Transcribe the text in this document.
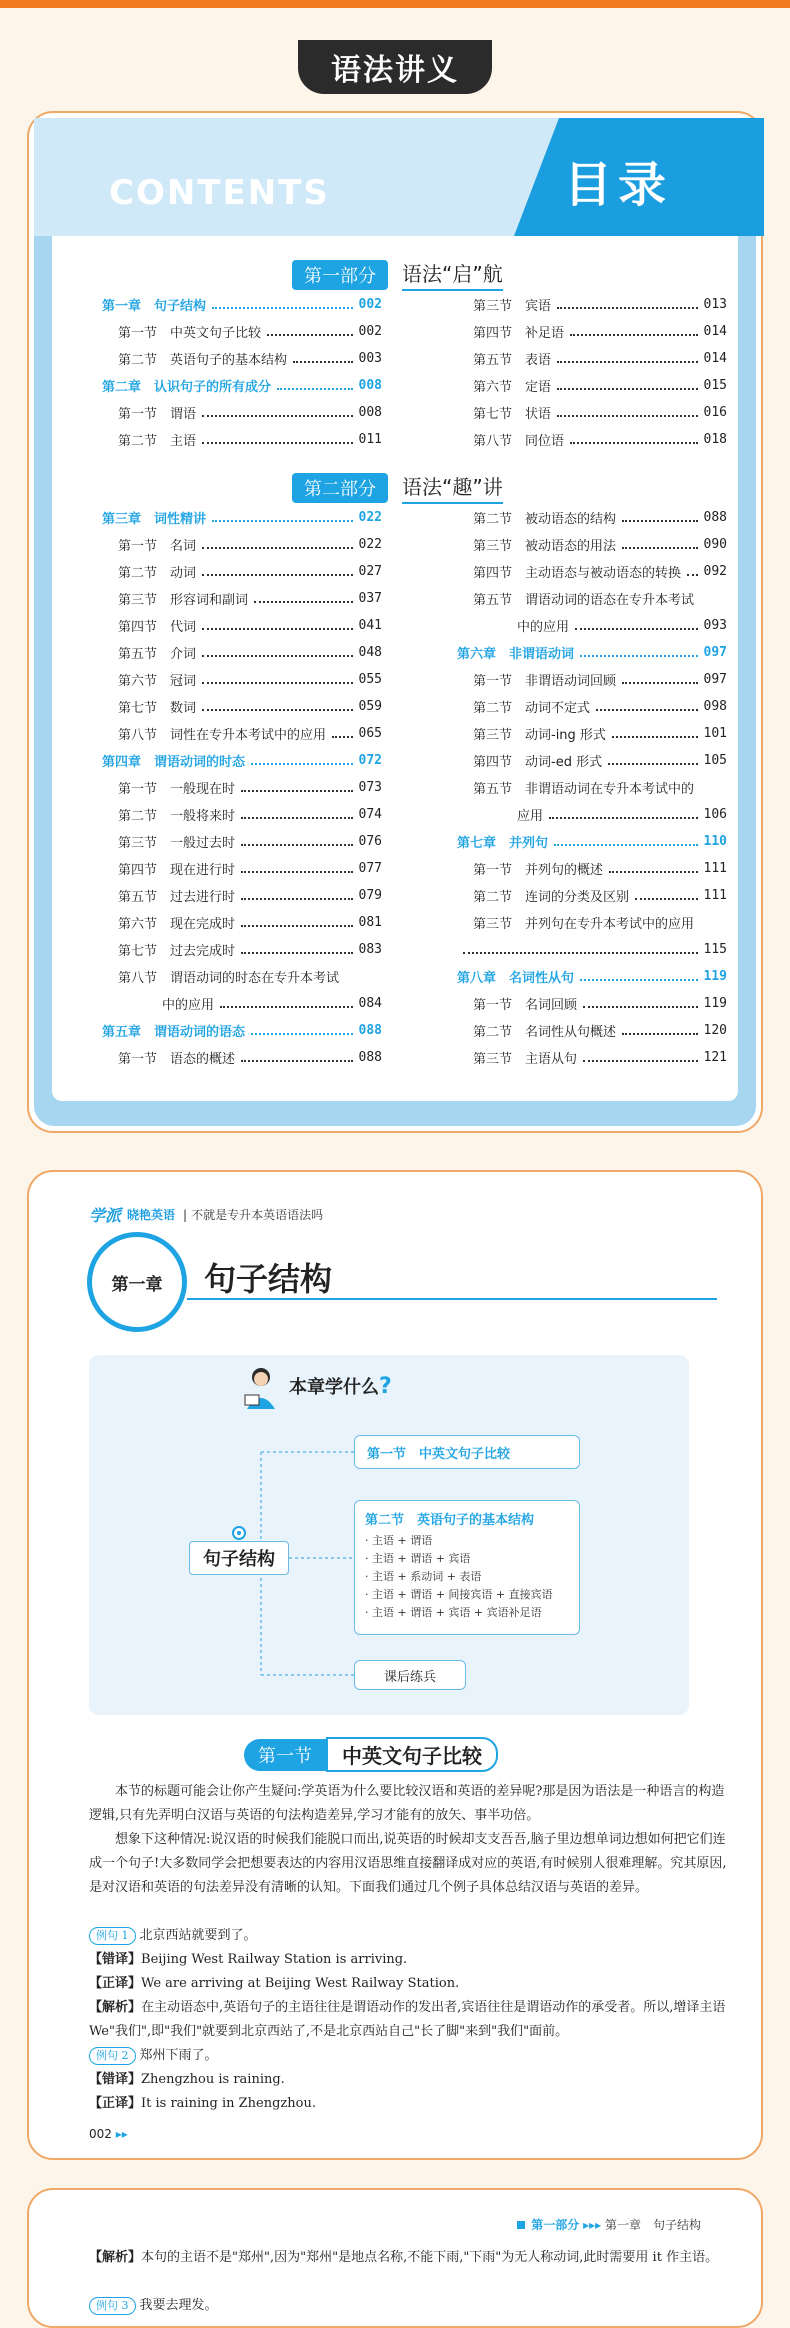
语法讲义
CONTENTS	目录
第一部分	语法“启”航
第一章　句子结构	002
第一节　中英文句子比较	002
第二节　英语句子的基本结构	003
第二章　认识句子的所有成分	008
第一节　谓语	008
第二节　主语	011
第三节　宾语	013
第四节　补足语	014
第五节　表语	014
第六节　定语	015
第七节　状语	016
第八节　同位语	018
第二部分	语法“趣”讲
第三章　词性精讲	022
第一节　名词	022
第二节　动词	027
第三节　形容词和副词	037
第四节　代词	041
第五节　介词	048
第六节　冠词	055
第七节　数词	059
第八节　词性在专升本考试中的应用	065
第四章　谓语动词的时态	072
第一节　一般现在时	073
第二节　一般将来时	074
第三节　一般过去时	076
第四节　现在进行时	077
第五节　过去进行时	079
第六节　现在完成时	081
第七节　过去完成时	083
第八节　谓语动词的时态在专升本考试
中的应用	084
第五章　谓语动词的语态	088
第一节　语态的概述	088
第二节　被动语态的结构	088
第三节　被动语态的用法	090
第四节　主动语态与被动语态的转换 092
第五节　谓语动词的语态在专升本考试
中的应用	093
第六章　非谓语动词	097
第一节　非谓语动词回顾	097
第二节　动词不定式	098
第三节　动词-ing 形式	101
第四节　动词-ed 形式	105
第五节　非谓语动词在专升本考试中的
应用	106
第七章　并列句	110
第一节　并列句的概述	111
第二节　连词的分类及区别	111
第三节　并列句在专升本考试中的应用
115
第八章　名词性从句	119
第一节　名词回顾	119
第二节　名词性从句概述	120
第三节　主语从句	121
学派 晓艳英语 | 不就是专升本英语语法吗
第一章	句子结构
本章学什么?
句子结构
第一节　中英文句子比较
第二节　英语句子的基本结构
· 主语 + 谓语
· 主语 + 谓语 + 宾语
· 主语 + 系动词 + 表语
· 主语 + 谓语 + 间接宾语 + 直接宾语
· 主语 + 谓语 + 宾语 + 宾语补足语
课后练兵
第一节	中英文句子比较
本节的标题可能会让你产生疑问:学英语为什么要比较汉语和英语的差异呢?那是因为语法是一种语言的构造逻辑,只有先弄明白汉语与英语的句法构造差异,学习才能有的放矢、事半功倍。
想象下这种情况:说汉语的时候我们能脱口而出,说英语的时候却支支吾吾,脑子里边想单词边想如何把它们连成一个句子!大多数同学会把想要表达的内容用汉语思维直接翻译成对应的英语,有时候别人很难理解。究其原因,是对汉语和英语的句法差异没有清晰的认知。下面我们通过几个例子具体总结汉语与英语的差异。
例句 1 北京西站就要到了。
【错译】Beijing West Railway Station is arriving.
【正译】We are arriving at Beijing West Railway Station.
【解析】在主动语态中,英语句子的主语往往是谓语动作的发出者,宾语往往是谓语动作的承受者。所以,增译主语 We"我们",即"我们"就要到北京西站了,不是北京西站自己"长了脚"来到"我们"面前。
例句 2 郑州下雨了。
【错译】Zhengzhou is raining.
【正译】It is raining in Zhengzhou.
002 ▸▸
第一部分 ▸▸▸ 第一章　句子结构
【解析】本句的主语不是"郑州",因为"郑州"是地点名称,不能下雨,"下雨"为无人称动词,此时需要用 it 作主语。
例句 3 我要去理发。
